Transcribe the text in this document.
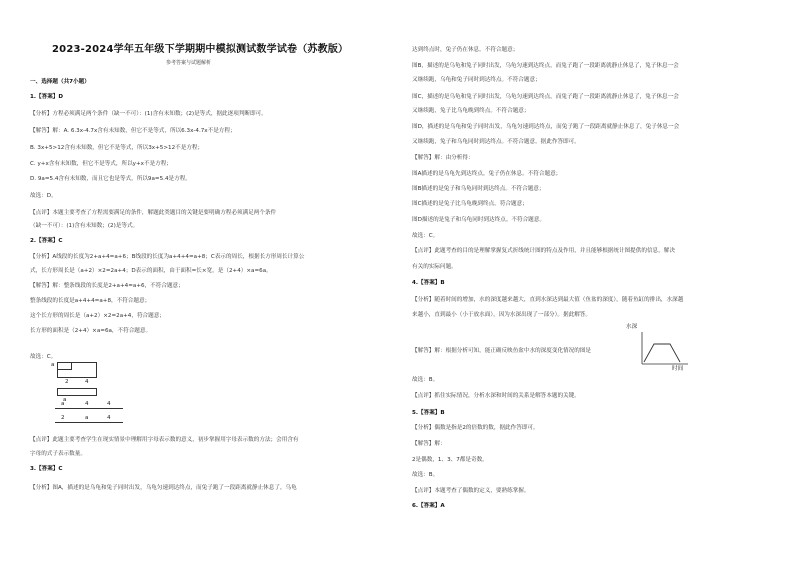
2023-2024学年五年级下学期期中模拟测试数学试卷（苏教版）
参考答案与试题解析
一、选择题（共7小题）
1.【答案】D
【分析】方程必须满足两个条件（缺一不可）：(1)含有未知数；(2)是等式，据此逐项判断即可。
【解答】解：A. 6.3x-4.7x含有未知数，但它不是等式，所以6.3x-4.7x不是方程；
B. 3x+5>12含有未知数，但它不是等式，所以3x+5>12不是方程；
C. y+x含有未知数，但它不是等式，所以y+x不是方程；
D. 9a=5.4含有未知数，而且它也是等式，所以9a=5.4是方程。
故选：D。
【点评】本题主要考查了方程需要满足的条件，解题此类题目的关键是要明确方程必须满足两个条件
（缺一不可）：(1)含有未知数；(2)是等式。
2.【答案】C
【分析】A线段的长度为2+a+4=a+6；B线段的长度为a+4+4=a+8；C表示的周长，根据长方形周长计算公
式，长方形周长是（a+2）×2=2a+4；D表示的面积，由于面积=长×宽，是（2+4）×a=6a。
【解答】解：整条线段的长度是2+a+4=a+6，不符合题意；
整条线段的长度是a+4+4=a+8，不符合题意；
这个长方形的周长是（a+2）×2=2a+4，符合题意；
长方形的面积是（2+4）×a=6a，不符合题意。
故选：C。
【点评】此题主要考查学生在现实情景中理解用字母表示数的意义，初步掌握用字母表示数的方法；会用含有
字母的式子表示数量。
3.【答案】C
【分析】图A，描述的是乌龟和兔子同时出发，乌龟匀速到达终点，而兔子跑了一段距离就静止休息了，乌龟
达到终点时，兔子仍在休息。不符合题意；
图B，描述的是乌龟和兔子同时出发，乌龟匀速到达终点，而兔子跑了一段距离就静止休息了，兔子休息一会
又继续跑，乌龟和兔子同时到达终点。不符合题意；
图C，描述的是乌龟和兔子同时出发，乌龟匀速到达终点，而兔子跑了一段距离就静止休息了，兔子休息一会
又继续跑，兔子比乌龟晚到终点。不符合题意；
图D，描述的是乌龟和兔子同时出发，乌龟匀速到达终点，而兔子跑了一段距离就静止休息了，兔子休息一会
又继续跑，兔子和乌龟同时到达终点。不符合题意。据此作答即可。
【解答】解：由分析得：
图A描述的是乌龟先到达终点，兔子仍在休息。不符合题意；
图B描述的是兔子和乌龟同时到达终点。不符合题意；
图C描述的是兔子比乌龟晚到终点。符合题意；
图D描述的是兔子和乌龟同时到达终点。不符合题意。
故选：C。
【点评】此题考查的目的是理解掌握复式折线统计图的特点及作用，并且能够根据统计图提供的信息，解决
有关的实际问题。
4.【答案】B
【分析】随着时间的增加，水的深度越来越大，直到水深达到最大值（鱼盆的深度），随着鱼缸的排出，水深越
来越小，直到最小（小于放水面），因为水深出现了一部分）。据此解答。
【解答】解：根据分析可知，能正确反映鱼盆中水的深度变化情况的图是
故选：B。
【点评】抓住实际情况，分析水深和时间的关系是解答本题的关键。
5.【答案】B
【分析】偶数是指是2的倍数的数，据此作答即可。
【解答】解：
2是偶数，1、3、7都是奇数。
故选：B。
【点评】本题考查了偶数的定义，要熟练掌握。
6.【答案】A
a
2	4
a
a	4	4
2	a	4
水深
时间
